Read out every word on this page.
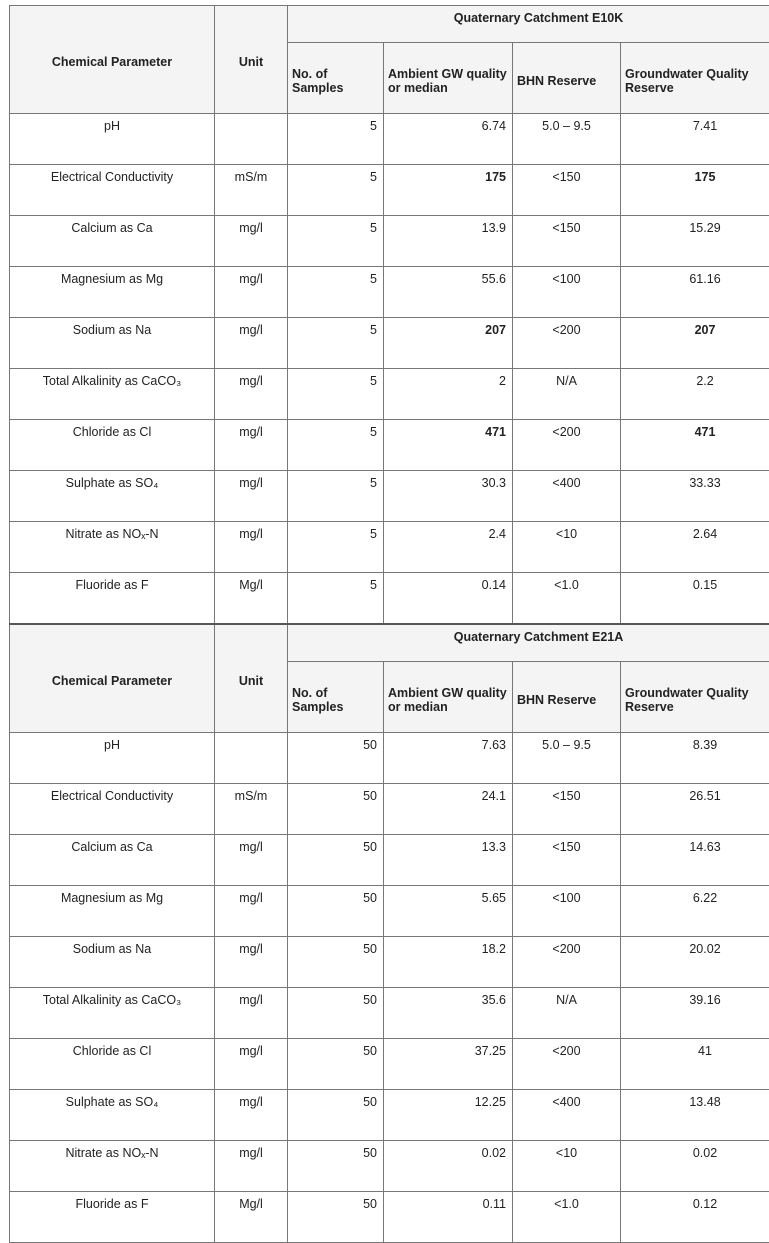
Chemical Parameter	Unit	Quaternary Catchment E10K			
		No. of Samples	Ambient GW quality or median	BHN Reserve	Groundwater Quality Reserve
pH		5	6.74	5.0 – 9.5	7.41
Electrical Conductivity	mS/m	5	175	<150	175
Calcium as Ca	mg/l	5	13.9	<150	15.29
Magnesium as Mg	mg/l	5	55.6	<100	61.16
Sodium as Na	mg/l	5	207	<200	207
Total Alkalinity as CaCO₃	mg/l	5	2	N/A	2.2
Chloride as Cl	mg/l	5	471	<200	471
Sulphate as SO₄	mg/l	5	30.3	<400	33.33
Nitrate as NOₓ-N	mg/l	5	2.4	<10	2.64
Fluoride as F	Mg/l	5	0.14	<1.0	0.15
Chemical Parameter	Unit	Quaternary Catchment E21A			
		No. of Samples	Ambient GW quality or median	BHN Reserve	Groundwater Quality Reserve
pH		50	7.63	5.0 – 9.5	8.39
Electrical Conductivity	mS/m	50	24.1	<150	26.51
Calcium as Ca	mg/l	50	13.3	<150	14.63
Magnesium as Mg	mg/l	50	5.65	<100	6.22
Sodium as Na	mg/l	50	18.2	<200	20.02
Total Alkalinity as CaCO₃	mg/l	50	35.6	N/A	39.16
Chloride as Cl	mg/l	50	37.25	<200	41
Sulphate as SO₄	mg/l	50	12.25	<400	13.48
Nitrate as NOₓ-N	mg/l	50	0.02	<10	0.02
Fluoride as F	Mg/l	50	0.11	<1.0	0.12
